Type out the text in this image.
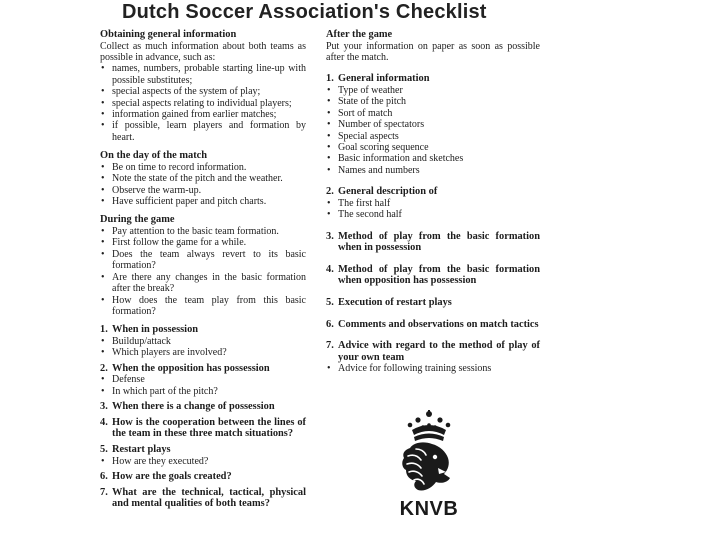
Dutch Soccer Association's Checklist
Obtaining general information
Collect as much information about both teams as possible in advance, such as:
• names, numbers, probable starting line-up with possible substitutes;
• special aspects of the system of play;
• special aspects relating to individual players;
• information gained from earlier matches;
• if possible, learn players and formation by heart.
On the day of the match
• Be on time to record information.
• Note the state of the pitch and the weather.
• Observe the warm-up.
• Have sufficient paper and pitch charts.
During the game
• Pay attention to the basic team formation.
• First follow the game for a while.
• Does the team always revert to its basic formation?
• Are there any changes in the basic formation after the break?
• How does the team play from this basic formation?
1. When in possession
• Buildup/attack
• Which players are involved?
2. When the opposition has possession
• Defense
• In which part of the pitch?
3. When there is a change of possession
4. How is the cooperation between the lines of the team in these three match situations?
5. Restart plays
• How are they executed?
6. How are the goals created?
7. What are the technical, tactical, physical and mental qualities of both teams?
After the game
Put your information on paper as soon as possible after the match.
1. General information
• Type of weather
• State of the pitch
• Sort of match
• Number of spectators
• Special aspects
• Goal scoring sequence
• Basic information and sketches
• Names and numbers
2. General description of
• The first half
• The second half
3. Method of play from the basic formation when in possession
4. Method of play from the basic formation when opposition has possession
5. Execution of restart plays
6. Comments and observations on match tactics
7. Advice with regard to the method of play of your own team
• Advice for following training sessions
KNVB
